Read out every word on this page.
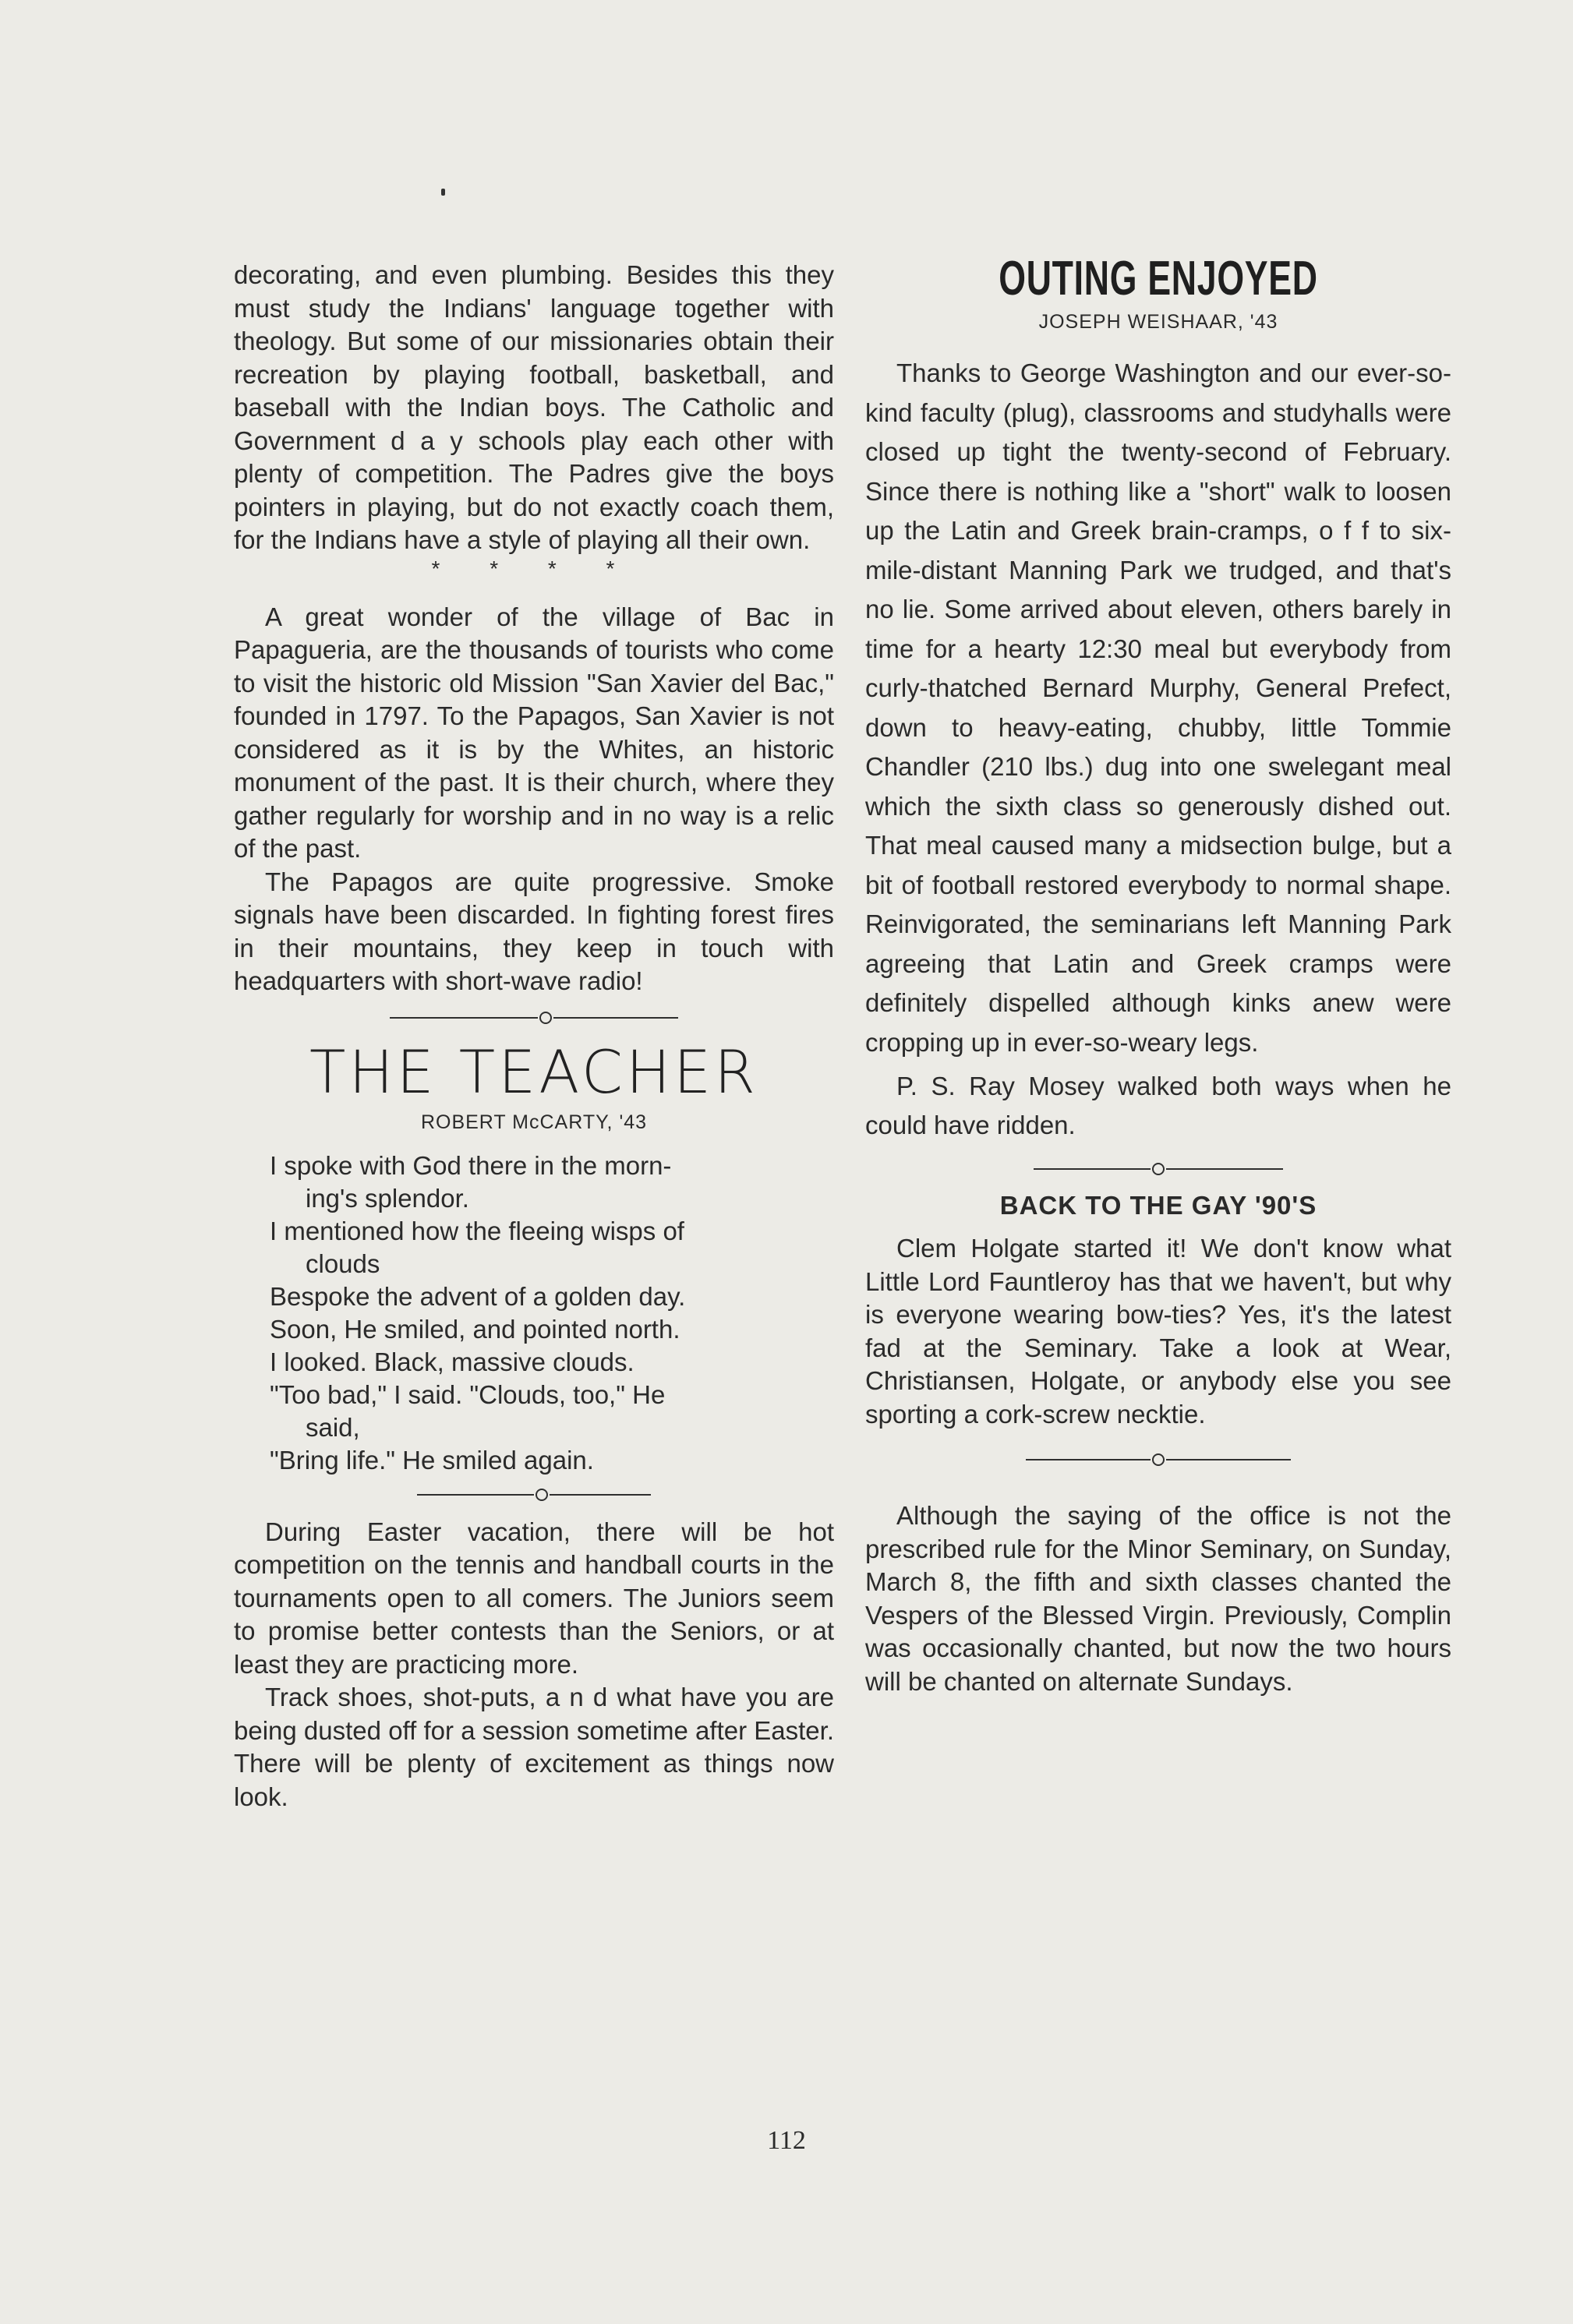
decorating, and even plumbing. Besides this they must study the Indians' language together with theology. But some of our missionaries obtain their recreation by playing football, basketball, and baseball with the Indian boys. The Catholic and Government d a y schools play each other with plenty of competition. The Padres give the boys pointers in playing, but do not exactly coach them, for the Indians have a style of playing all their own.

* * * *

A great wonder of the village of Bac in Papagueria, are the thousands of tourists who come to visit the historic old Mission "San Xavier del Bac," founded in 1797. To the Papagos, San Xavier is not considered as it is by the Whites, an historic monument of the past. It is their church, where they gather regularly for worship and in no way is a relic of the past.

The Papagos are quite progressive. Smoke signals have been discarded. In fighting forest fires in their mountains, they keep in touch with headquarters with short-wave radio!

THE TEACHER

ROBERT McCARTY, '43

I spoke with God there in the morn-

ing's splendor.

I mentioned how the fleeing wisps of

clouds

Bespoke the advent of a golden day.

Soon, He smiled, and pointed north.

I looked. Black, massive clouds.

"Too bad," I said. "Clouds, too," He

said,

"Bring life." He smiled again.

During Easter vacation, there will be hot competition on the tennis and handball courts in the tournaments open to all comers. The Juniors seem to promise better contests than the Seniors, or at least they are practicing more.

Track shoes, shot-puts, a n d what have you are being dusted off for a session sometime after Easter. There will be plenty of excitement as things now look.

OUTING ENJOYED

JOSEPH WEISHAAR, '43

Thanks to George Washington and our ever-so-kind faculty (plug), classrooms and studyhalls were closed up tight the twenty-second of February. Since there is nothing like a "short" walk to loosen up the Latin and Greek brain-cramps, o f f to six-mile-distant Manning Park we trudged, and that's no lie. Some arrived about eleven, others barely in time for a hearty 12:30 meal but everybody from curly-thatched Bernard Murphy, General Prefect, down to heavy-eating, chubby, little Tommie Chandler (210 lbs.) dug into one swelegant meal which the sixth class so generously dished out. That meal caused many a midsection bulge, but a bit of football restored everybody to normal shape. Reinvigorated, the seminarians left Manning Park agreeing that Latin and Greek cramps were definitely dispelled although kinks anew were cropping up in ever-so-weary legs.

P. S. Ray Mosey walked both ways when he could have ridden.

BACK TO THE GAY '90'S

Clem Holgate started it! We don't know what Little Lord Fauntleroy has that we haven't, but why is everyone wearing bow-ties? Yes, it's the latest fad at the Seminary. Take a look at Wear, Christiansen, Holgate, or anybody else you see sporting a cork-screw necktie.

Although the saying of the office is not the prescribed rule for the Minor Seminary, on Sunday, March 8, the fifth and sixth classes chanted the Vespers of the Blessed Virgin. Previously, Complin was occasionally chanted, but now the two hours will be chanted on alternate Sundays.

112
